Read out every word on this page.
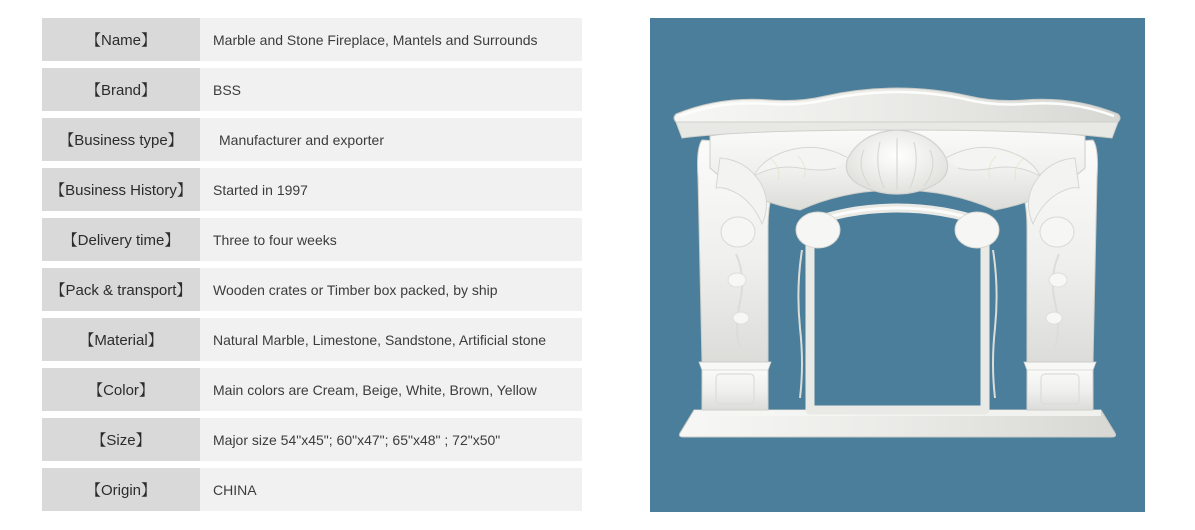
【Name】	Marble and Stone Fireplace, Mantels and Surrounds
【Brand】	BSS
【Business type】	Manufacturer and exporter
【Business History】	Started in 1997
【Delivery time】	Three to four weeks
【Pack & transport】	Wooden crates or Timber box packed, by ship
【Material】	Natural Marble, Limestone, Sandstone, Artificial stone
【Color】	Main colors are Cream, Beige, White, Brown, Yellow
【Size】	Major size 54"x45"; 60"x47"; 65"x48" ; 72"x50"
【Origin】	CHINA
